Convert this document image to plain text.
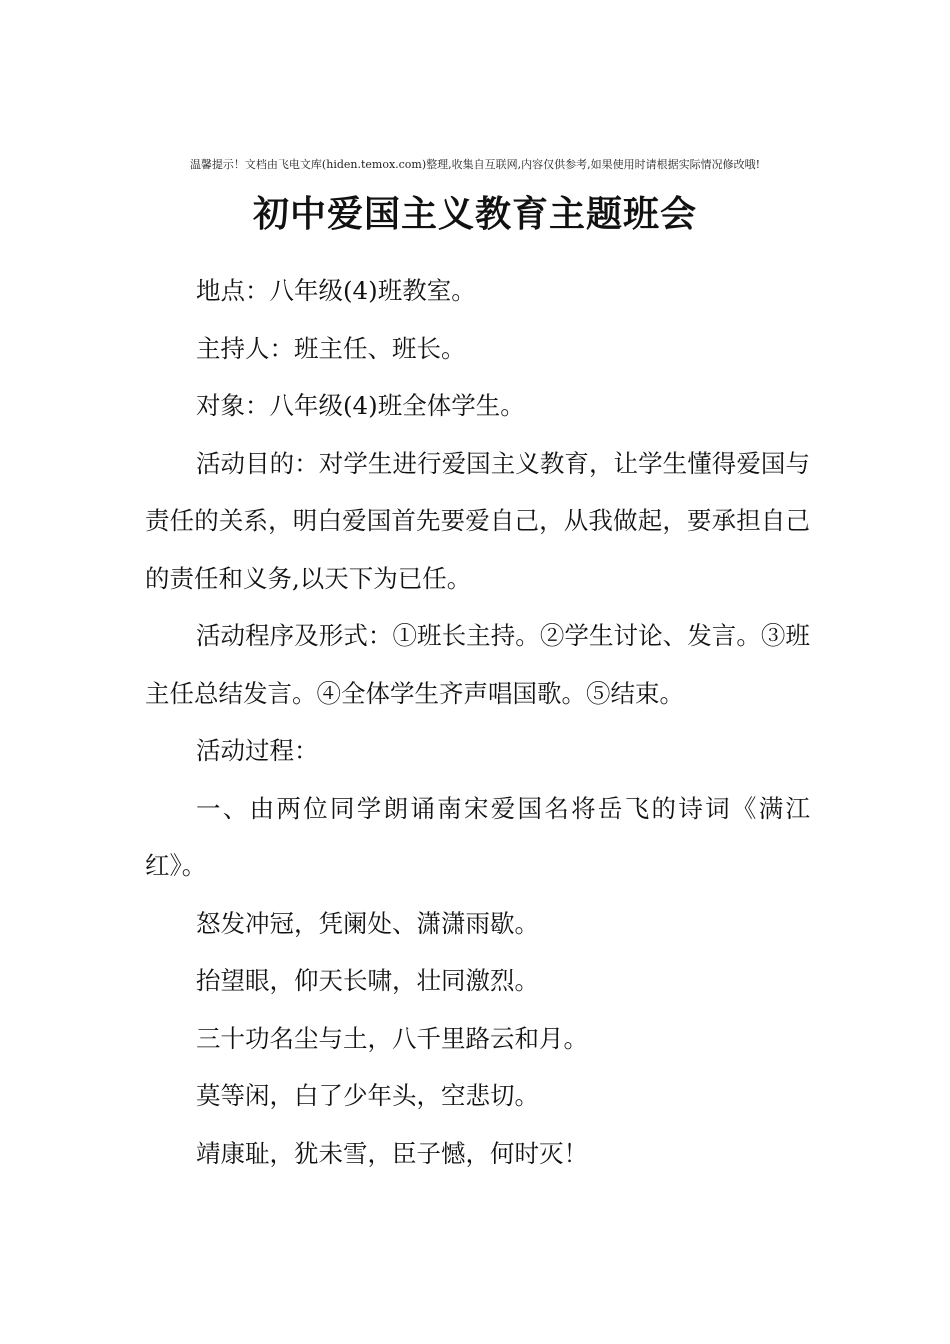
温馨提示！文档由飞电文库(hiden.temox.com)整理,收集自互联网,内容仅供参考,如果使用时请根据实际情况修改哦!
初中爱国主义教育主题班会

地点：八年级(4)班教室。

主持人：班主任、班长。

对象：八年级(4)班全体学生。

活动目的：对学生进行爱国主义教育，让学生懂得爱国与责任的关系，明白爱国首先要爱自己，从我做起，要承担自己的责任和义务,以天下为已任。

活动程序及形式：①班长主持。②学生讨论、发言。③班主任总结发言。④全体学生齐声唱国歌。⑤结束。

活动过程：

一、由两位同学朗诵南宋爱国名将岳飞的诗词《满江红》。

怒发冲冠，凭阑处、潇潇雨歇。

抬望眼，仰天长啸，壮同激烈。

三十功名尘与土，八千里路云和月。

莫等闲，白了少年头，空悲切。

靖康耻，犹未雪，臣子憾，何时灭！
